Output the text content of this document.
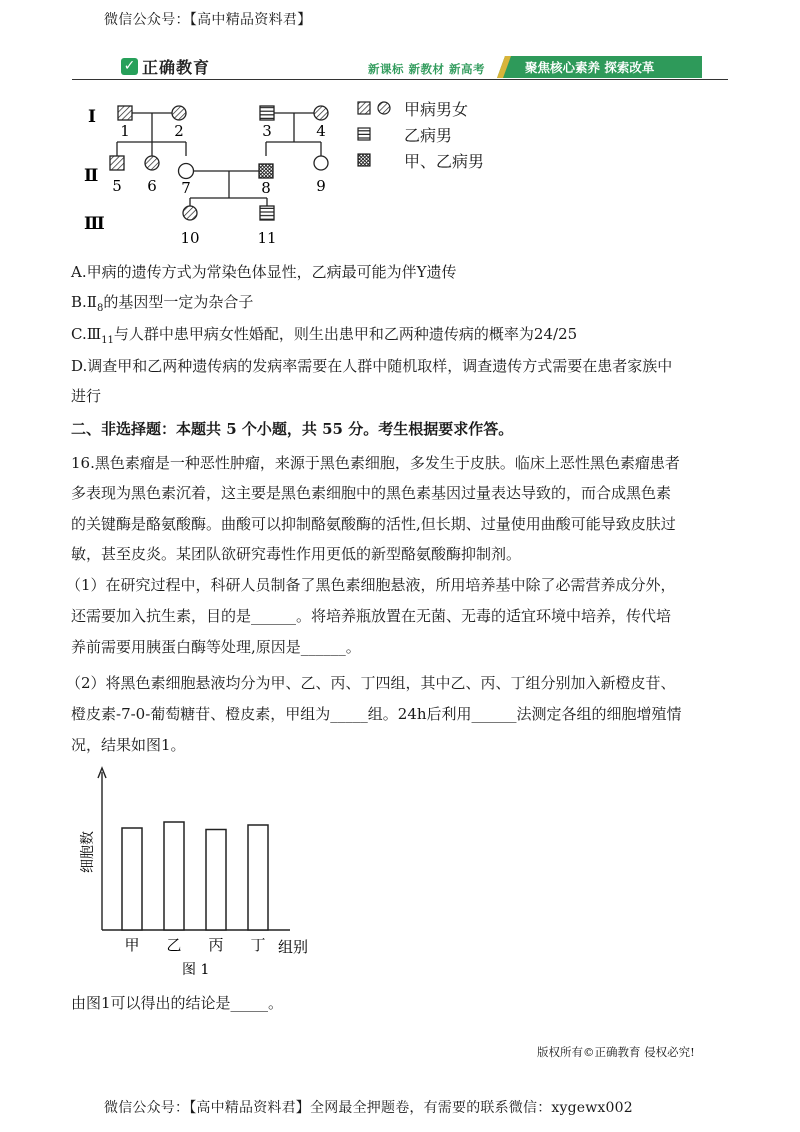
微信公众号：【高中精品资料君】
✓ 正确教育	新课标 新教材 新高考	聚焦核心素养 探索改革
Ⅰ
Ⅱ
Ⅲ
1	2	3	4
5 6 7	8	9
10	11
甲病男女
乙病男
甲、乙病男
A.甲病的遗传方式为常染色体显性，乙病最可能为伴Y遗传
$B.Ⅱ_8$的基因型一定为杂合子
$C.Ⅲ_{11}$与人群中患甲病女性婚配，则生出患甲和乙两种遗传病的概率为24/25
D.调查甲和乙两种遗传病的发病率需要在人群中随机取样，调查遗传方式需要在患者家族中
进行
二、非选择题：本题共 5 个小题，共 55 分。考生根据要求作答。
16.黑色素瘤是一种恶性肿瘤，来源于黑色素细胞，多发生于皮肤。临床上恶性黑色素瘤患者
多表现为黑色素沉着，这主要是黑色素细胞中的黑色素基因过量表达导致的，而合成黑色素
的关键酶是酪氨酸酶。曲酸可以抑制酪氨酸酶的活性,但长期、过量使用曲酸可能导致皮肤过
敏，甚至皮炎。某团队欲研究毒性作用更低的新型酪氨酸酶抑制剂。
（1）在研究过程中，科研人员制备了黑色素细胞悬液，所用培养基中除了必需营养成分外，
还需要加入抗生素，目的是______。将培养瓶放置在无菌、无毒的适宜环境中培养，传代培
养前需要用胰蛋白酶等处理,原因是______。
（2）将黑色素细胞悬液均分为甲、乙、丙、丁四组，其中乙、丙、丁组分别加入新橙皮苷、
橙皮素-7-0-葡萄糖苷、橙皮素，甲组为_____组。24h后利用______法测定各组的细胞增殖情
况，结果如图1。
甲 乙 丙 丁
细胞数
组别
图 1
由图1可以得出的结论是_____。
版权所有©正确教育 侵权必究!
微信公众号：【高中精品资料君】全网最全押题卷，有需要的联系微信：xygewx002
